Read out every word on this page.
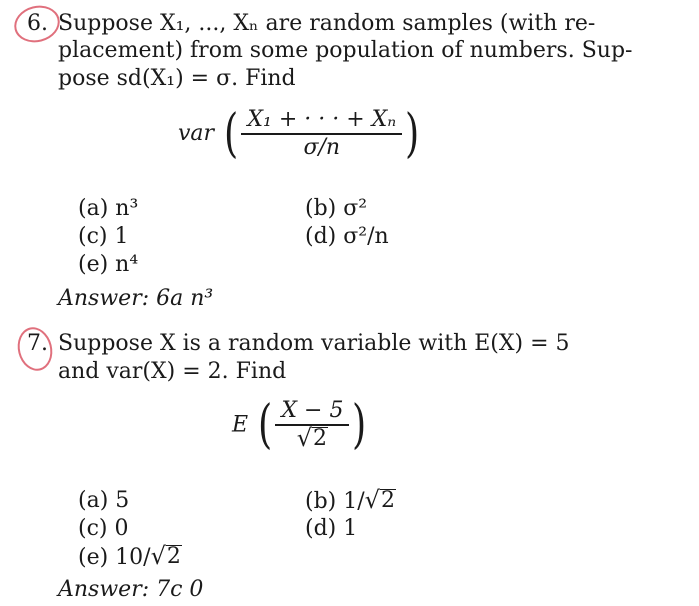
6. Suppose X₁, ..., Xₙ are random samples (with re-
placement) from some population of numbers. Sup-
pose sd(X₁) = σ. Find
var ( $\frac{\text{X₁ + · · · + Xₙ}}{\sigma/n}$ )
(a) n³	(b) σ²
(c) 1	(d) σ²/n
(e) n⁴
Answer: 6a n³
7. Suppose X is a random variable with E(X) = 5
and var(X) = 2. Find
E ( $\frac{X - 5}{√ 2}$ )
(a) 5	(b) 1/ √ 2
(c) 0	(d) 1
(e) 10/ √ 2
Answer: 7c 0
